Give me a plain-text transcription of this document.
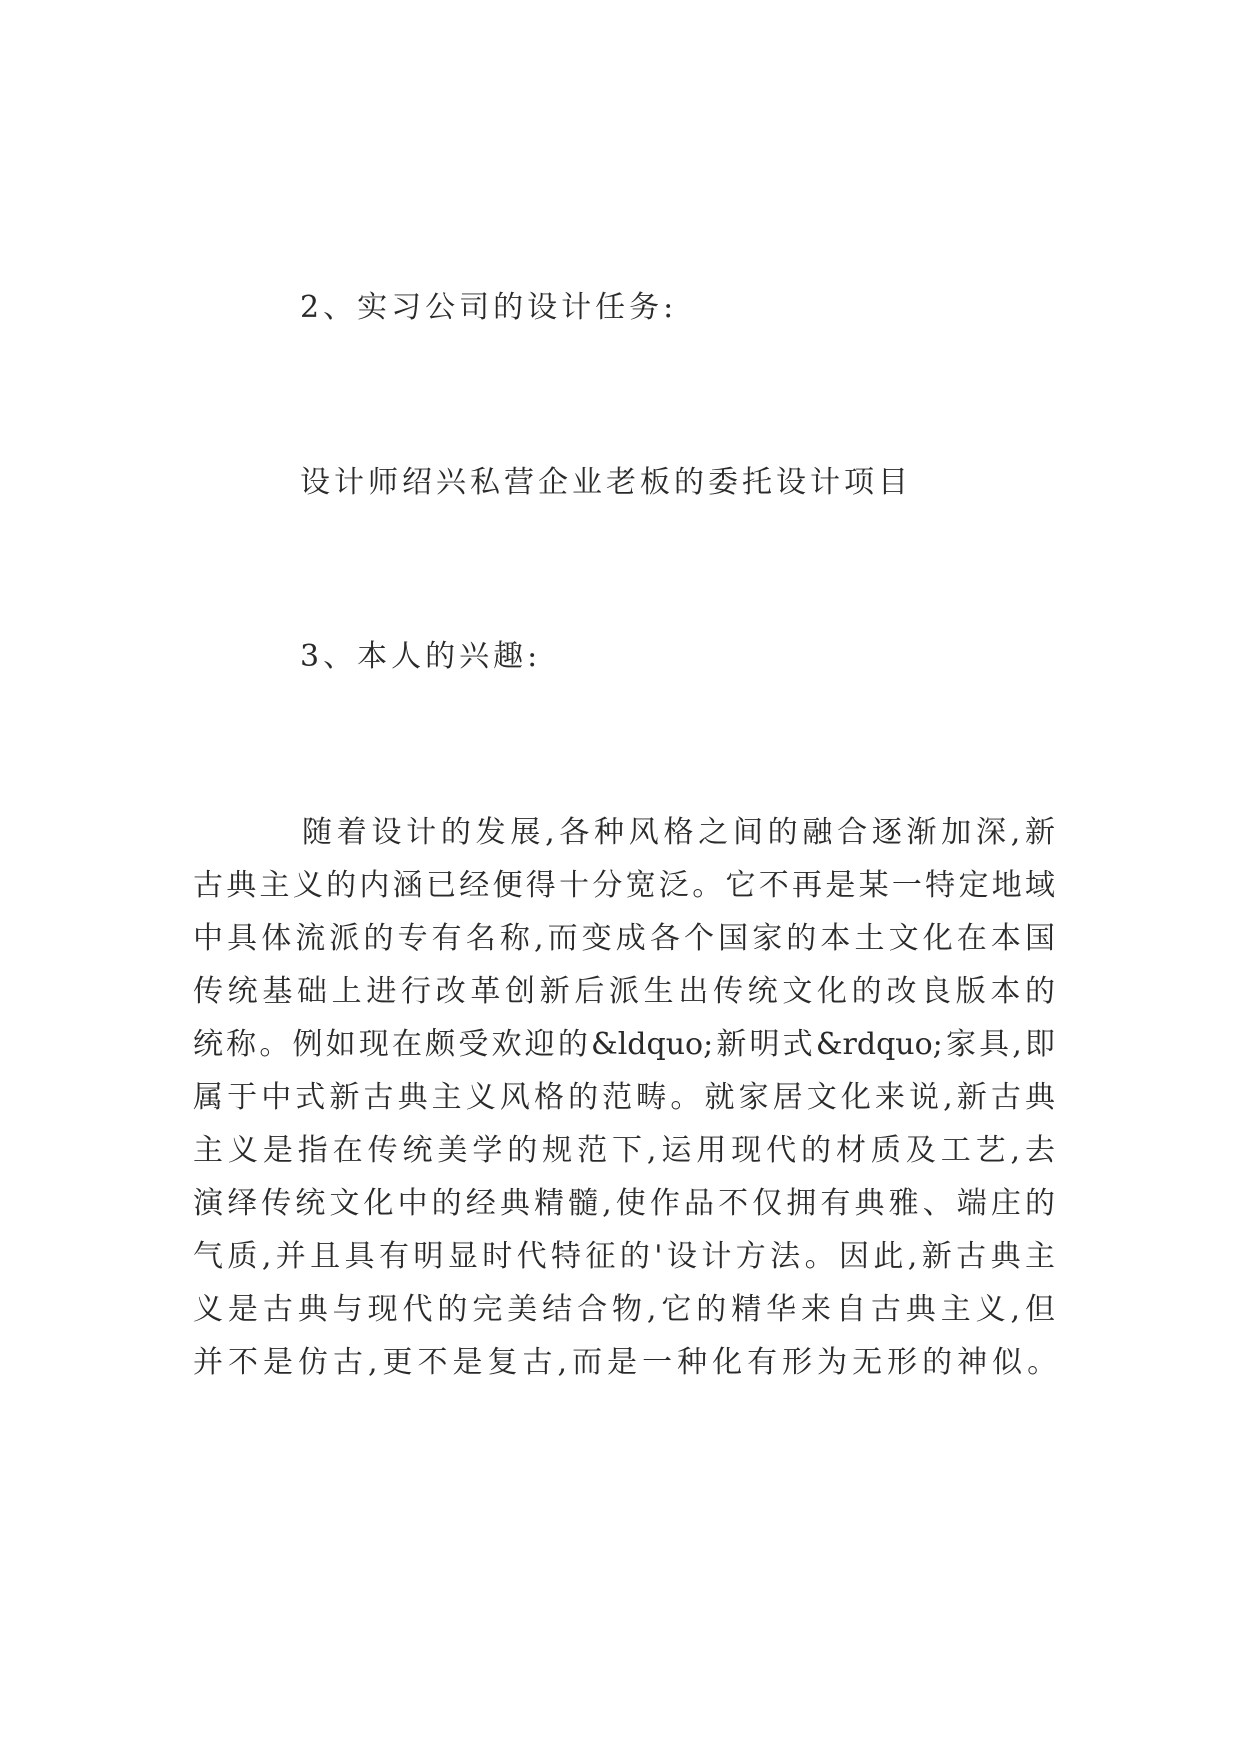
2、实习公司的设计任务:

设计师绍兴私营企业老板的委托设计项目

3、本人的兴趣:
随着设计的发展,各种风格之间的融合逐渐加深,新
古典主义的内涵已经便得十分宽泛。它不再是某一特定地域
中具体流派的专有名称,而变成各个国家的本土文化在本国
传统基础上进行改革创新后派生出传统文化的改良版本的
统称。例如现在颇受欢迎的&ldquo;新明式&rdquo;家具,即
属于中式新古典主义风格的范畴。就家居文化来说,新古典
主义是指在传统美学的规范下,运用现代的材质及工艺,去
演绎传统文化中的经典精髓,使作品不仅拥有典雅、端庄的
气质,并且具有明显时代特征的'设计方法。因此,新古典主
义是古典与现代的完美结合物,它的精华来自古典主义,但
并不是仿古,更不是复古,而是一种化有形为无形的神似。
